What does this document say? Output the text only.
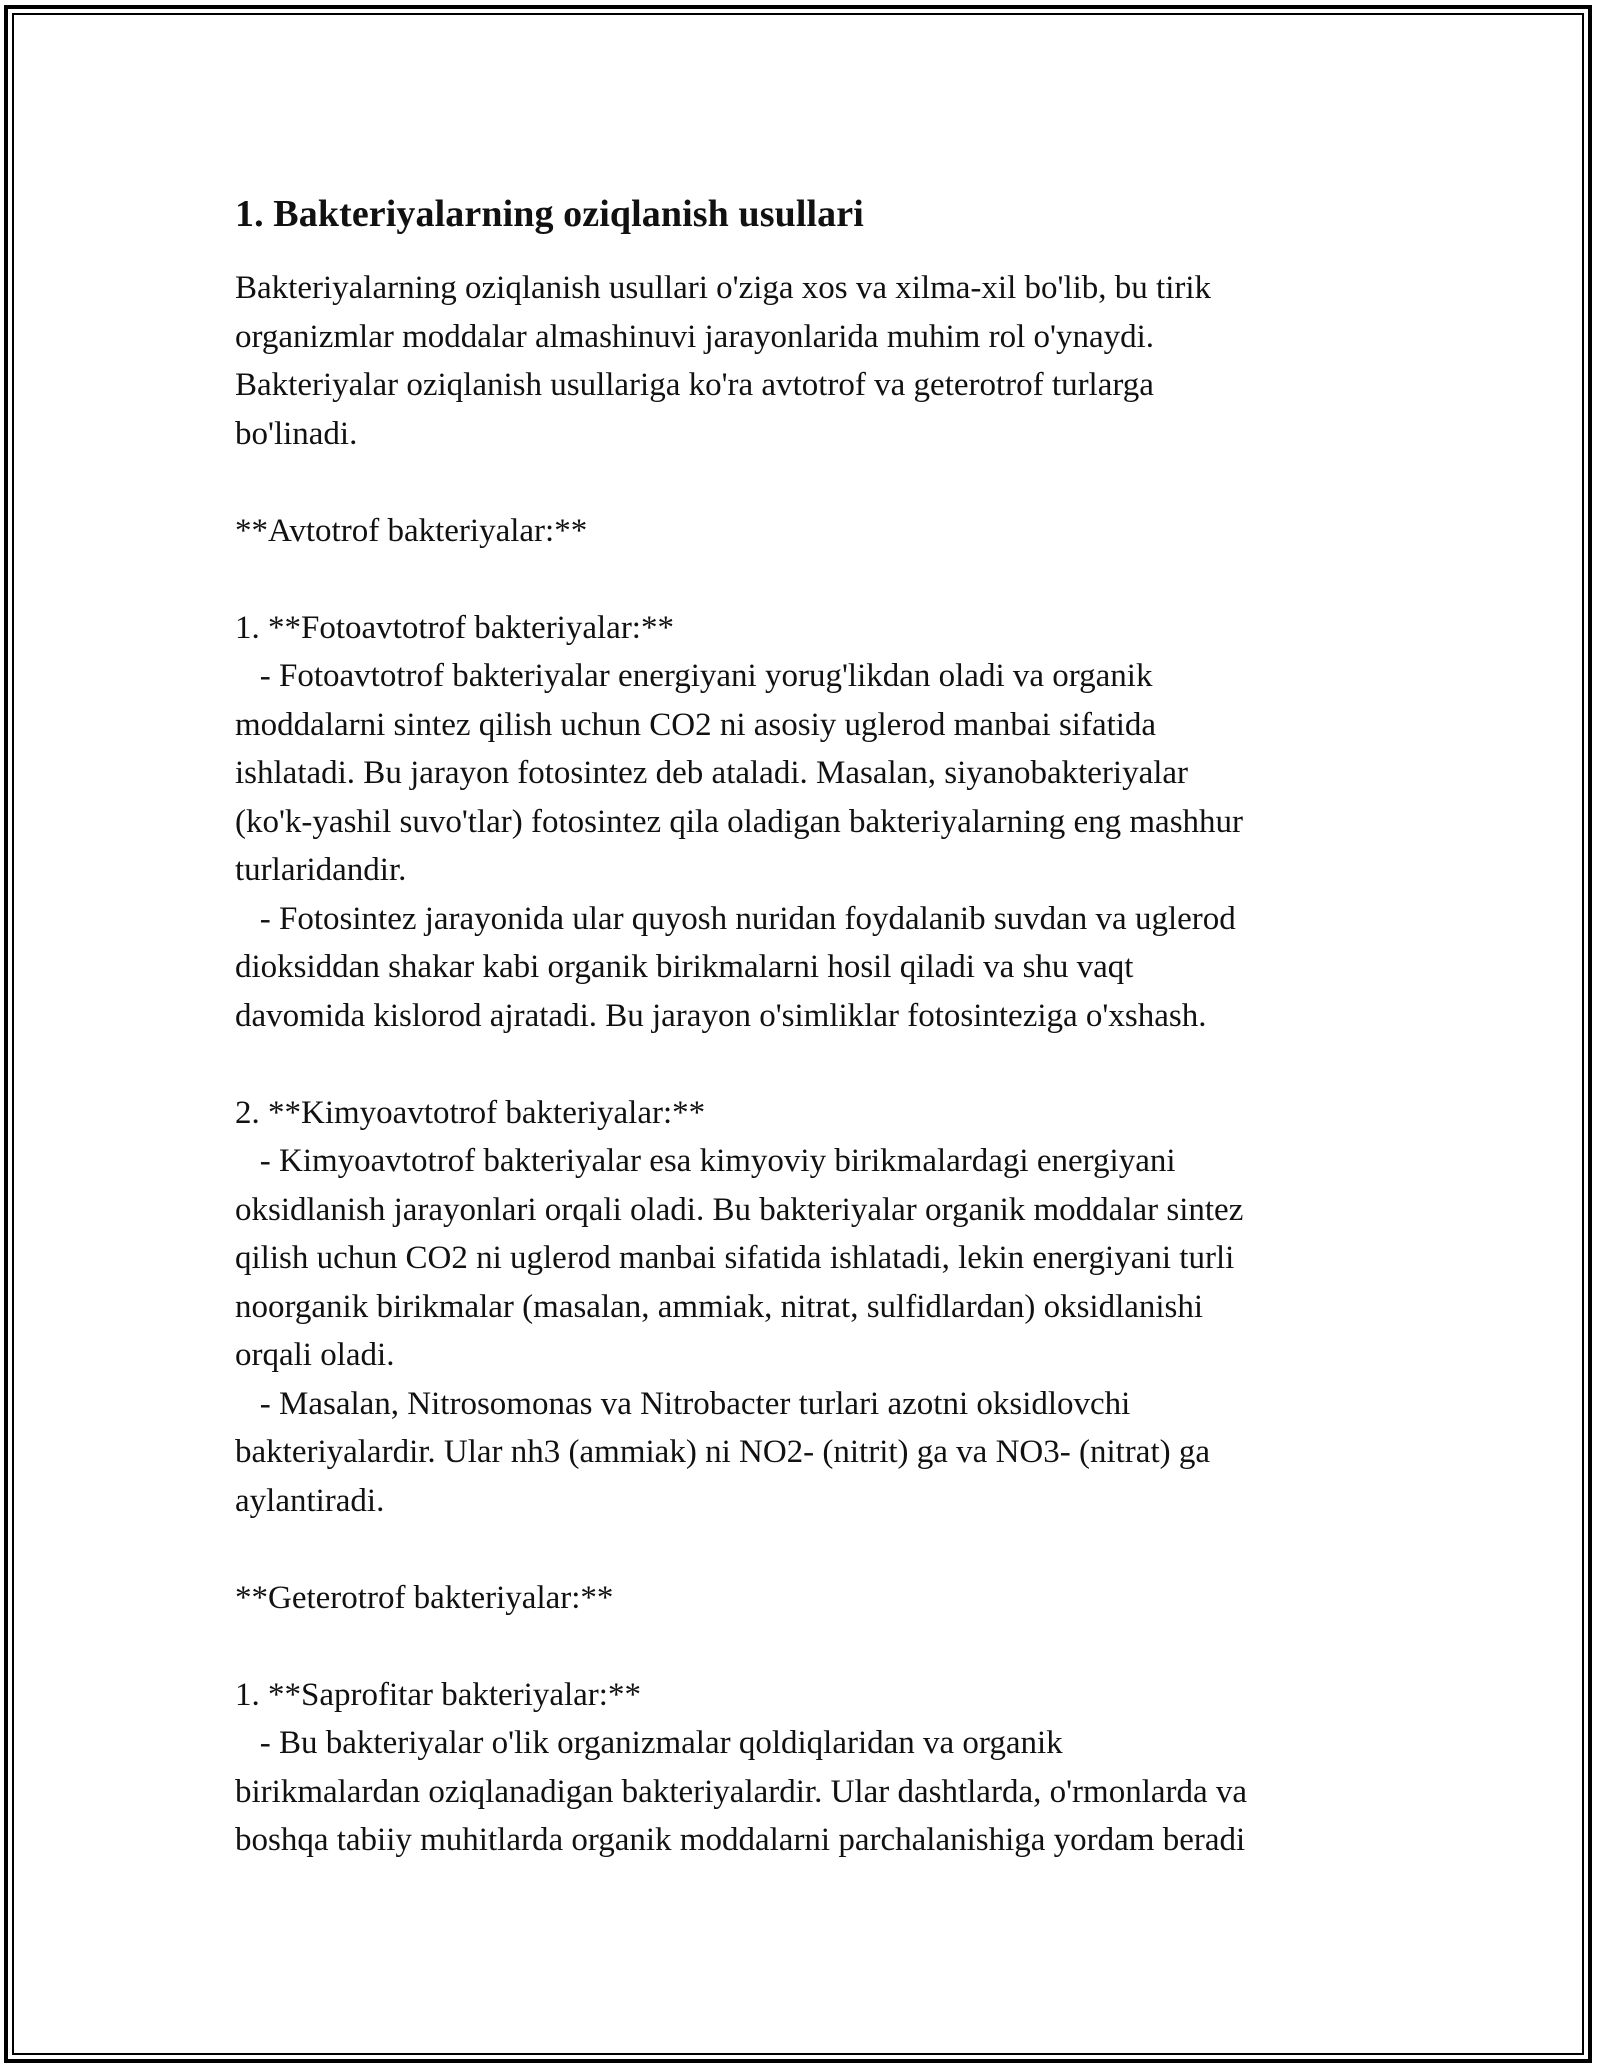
1. Bakteriyalarning oziqlanish usullari

Bakteriyalarning oziqlanish usullari o'ziga xos va xilma-xil bo'lib, bu tirik
organizmlar moddalar almashinuvi jarayonlarida muhim rol o'ynaydi.
Bakteriyalar oziqlanish usullariga ko'ra avtotrof va geterotrof turlarga
bo'linadi.

**Avtotrof bakteriyalar:**

1. **Fotoavtotrof bakteriyalar:**

- Fotoavtotrof bakteriyalar energiyani yorug'likdan oladi va organik
moddalarni sintez qilish uchun CO2 ni asosiy uglerod manbai sifatida
ishlatadi. Bu jarayon fotosintez deb ataladi. Masalan, siyanobakteriyalar
(ko'k-yashil suvo'tlar) fotosintez qila oladigan bakteriyalarning eng mashhur
turlaridandir.

- Fotosintez jarayonida ular quyosh nuridan foydalanib suvdan va uglerod
dioksiddan shakar kabi organik birikmalarni hosil qiladi va shu vaqt
davomida kislorod ajratadi. Bu jarayon o'simliklar fotosinteziga o'xshash.

2. **Kimyoavtotrof bakteriyalar:**

- Kimyoavtotrof bakteriyalar esa kimyoviy birikmalardagi energiyani
oksidlanish jarayonlari orqali oladi. Bu bakteriyalar organik moddalar sintez
qilish uchun CO2 ni uglerod manbai sifatida ishlatadi, lekin energiyani turli
noorganik birikmalar (masalan, ammiak, nitrat, sulfidlardan) oksidlanishi
orqali oladi.

- Masalan, Nitrosomonas va Nitrobacter turlari azotni oksidlovchi
bakteriyalardir. Ular nh3 (ammiak) ni NO2- (nitrit) ga va NO3- (nitrat) ga
aylantiradi.

**Geterotrof bakteriyalar:**

1. **Saprofitar bakteriyalar:**

- Bu bakteriyalar o'lik organizmalar qoldiqlaridan va organik
birikmalardan oziqlanadigan bakteriyalardir. Ular dashtlarda, o'rmonlarda va
boshqa tabiiy muhitlarda organik moddalarni parchalanishiga yordam beradi
